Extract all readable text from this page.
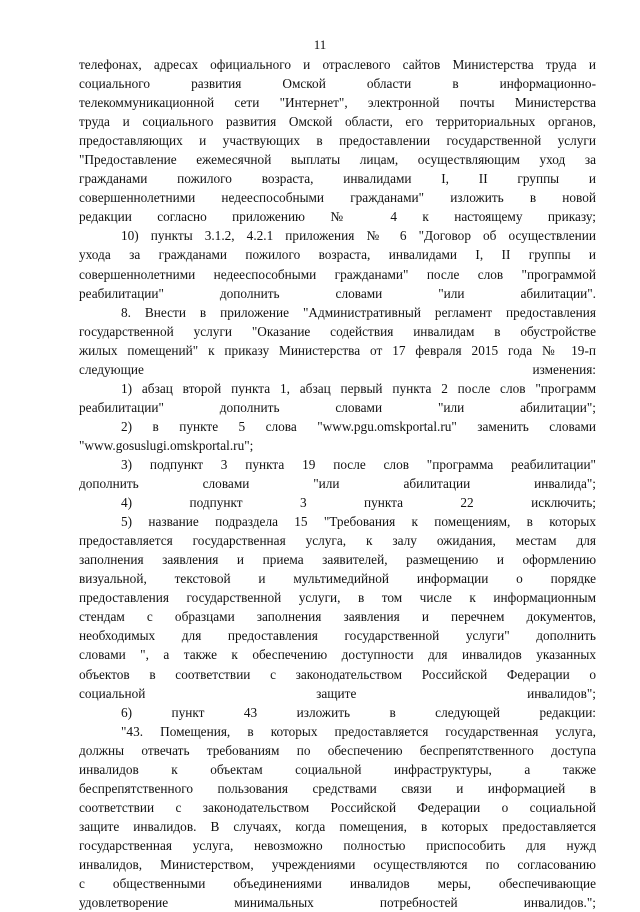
11
телефонах, адресах официального и отраслевого сайтов Министерства труда и
социального развития Омской области в информационно-
телекоммуникационной сети "Интернет", электронной почты Министерства
труда и социального развития Омской области, его территориальных органов,
предоставляющих и участвующих в предоставлении государственной услуги
"Предоставление ежемесячной выплаты лицам, осуществляющим уход за
гражданами пожилого возраста, инвалидами I, II группы и
совершеннолетними недееспособными гражданами" изложить в новой
редакции согласно приложению № 4 к настоящему приказу;
10) пункты 3.1.2, 4.2.1 приложения № 6 "Договор об осуществлении
ухода за гражданами пожилого возраста, инвалидами I, II группы и
совершеннолетними недееспособными гражданами" после слов "программой
реабилитации" дополнить словами "или абилитации".
8. Внести в приложение "Административный регламент предоставления
государственной услуги "Оказание содействия инвалидам в обустройстве
жилых помещений" к приказу Министерства от 17 февраля 2015 года № 19-п
следующие изменения:
1) абзац второй пункта 1, абзац первый пункта 2 после слов "программ
реабилитации" дополнить словами "или абилитации";
2) в пункте 5 слова "www.pgu.omskportal.ru" заменить словами
"www.gosuslugi.omskportal.ru";
3) подпункт 3 пункта 19 после слов "программа реабилитации"
дополнить словами "или абилитации инвалида";
4) подпункт 3 пункта 22 исключить;
5) название подраздела 15 "Требования к помещениям, в которых
предоставляется государственная услуга, к залу ожидания, местам для
заполнения заявления и приема заявителей, размещению и оформлению
визуальной, текстовой и мультимедийной информации о порядке
предоставления государственной услуги, в том числе к информационным
стендам с образцами заполнения заявления и перечнем документов,
необходимых для предоставления государственной услуги" дополнить
словами ", а также к обеспечению доступности для инвалидов указанных
объектов в соответствии с законодательством Российской Федерации о
социальной защите инвалидов";
6) пункт 43 изложить в следующей редакции:
"43. Помещения, в которых предоставляется государственная услуга,
должны отвечать требованиям по обеспечению беспрепятственного доступа
инвалидов к объектам социальной инфраструктуры, а также
беспрепятственного пользования средствами связи и информацией в
соответствии с законодательством Российской Федерации о социальной
защите инвалидов. В случаях, когда помещения, в которых предоставляется
государственная услуга, невозможно полностью приспособить для нужд
инвалидов, Министерством, учреждениями осуществляются по согласованию
с общественными объединениями инвалидов меры, обеспечивающие
удовлетворение минимальных потребностей инвалидов.";
